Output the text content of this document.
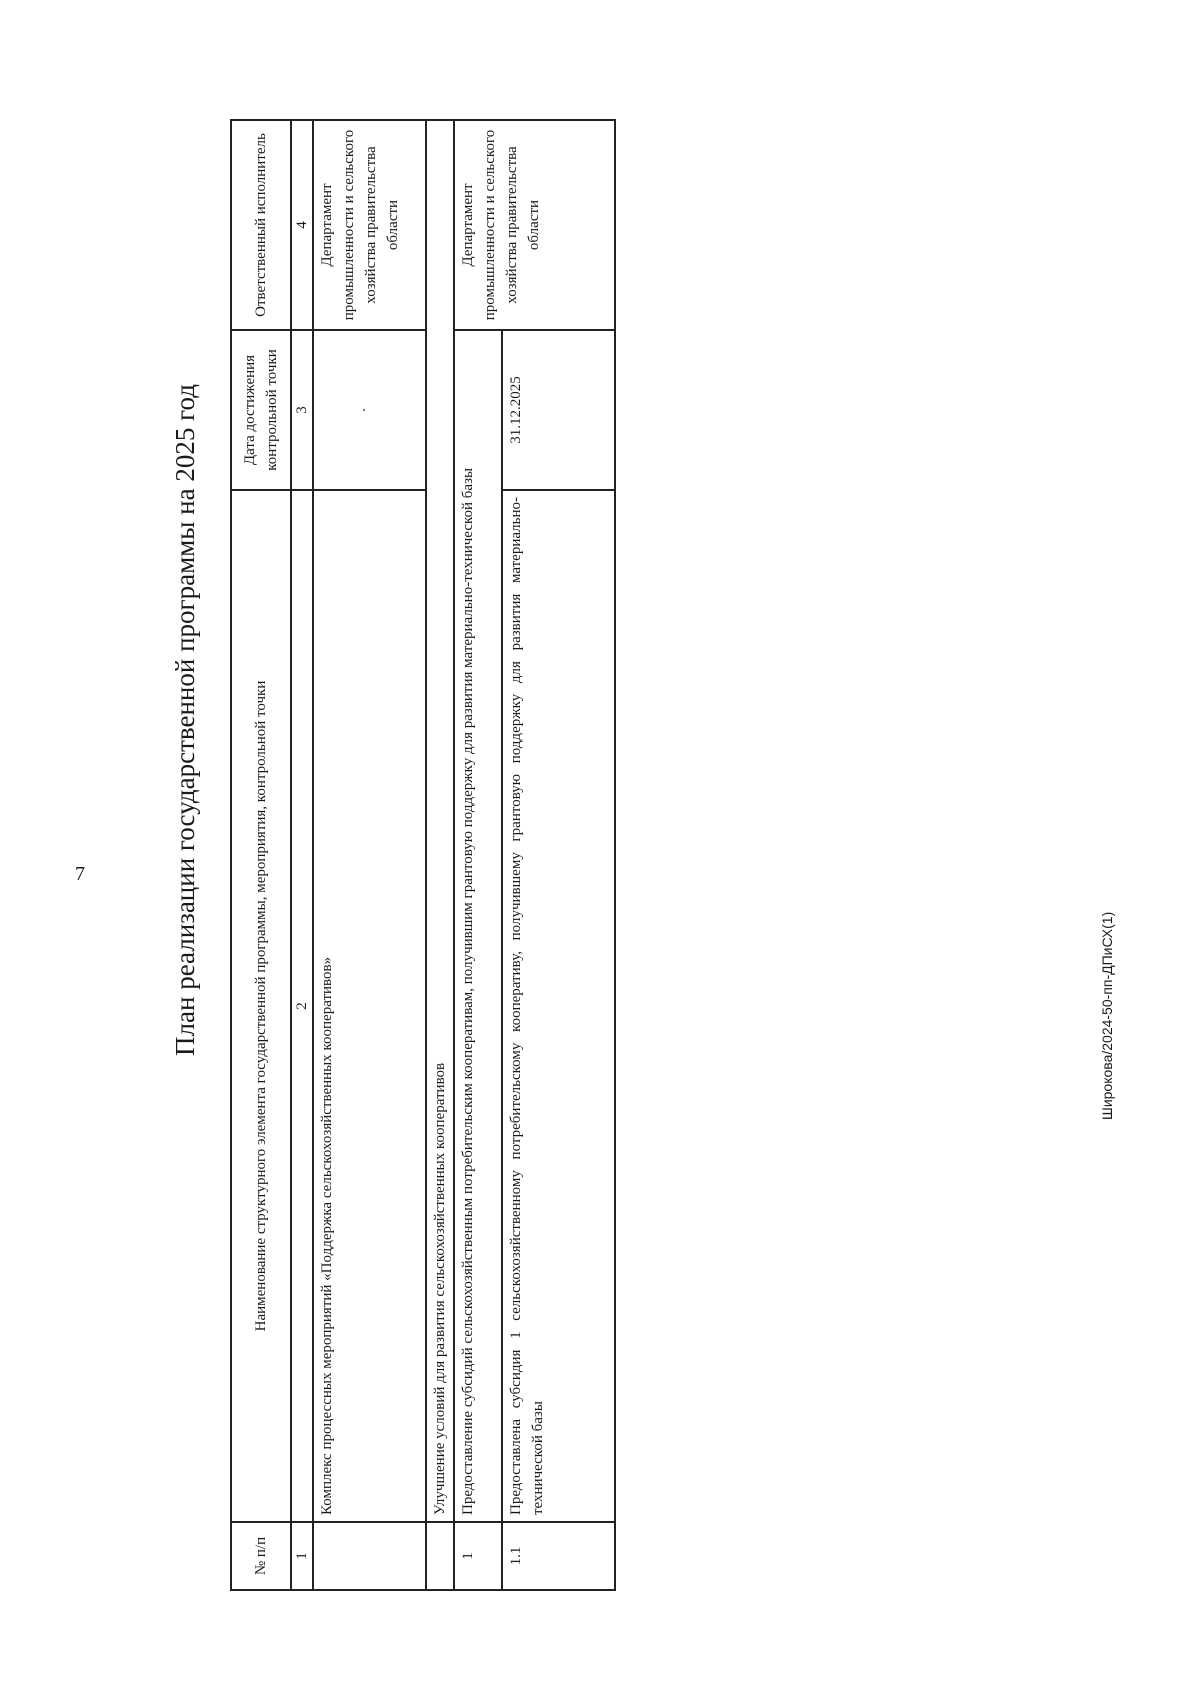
7	План реализации государственной программы на 2025 год
№ п/п	Наименование структурного элемента государственной программы, мероприятия, контрольной точки	Дата достижения контрольной точки	Ответственный исполнитель
1	2	3	4
	Комплекс процессных мероприятий «Поддержка сельскохозяйственных кооперативов»	·	Департамент промышленности и сельского хозяйства правительства области
	Улучшение условий для развития сельскохозяйственных кооперативов		
1	Предоставление субсидий сельскохозяйственным потребительским кооперативам, получившим грантовую поддержку для развития материально-технической базы		Департамент промышленности и сельского хозяйства правительства области
1.1	Предоставлена субсидия 1 сельскохозяйственному потребительскому кооперативу, получившему грантовую поддержку для развития материально-технической базы	31.12.2025	
Широкова/2024-50-пп-ДПиСХ(1)
